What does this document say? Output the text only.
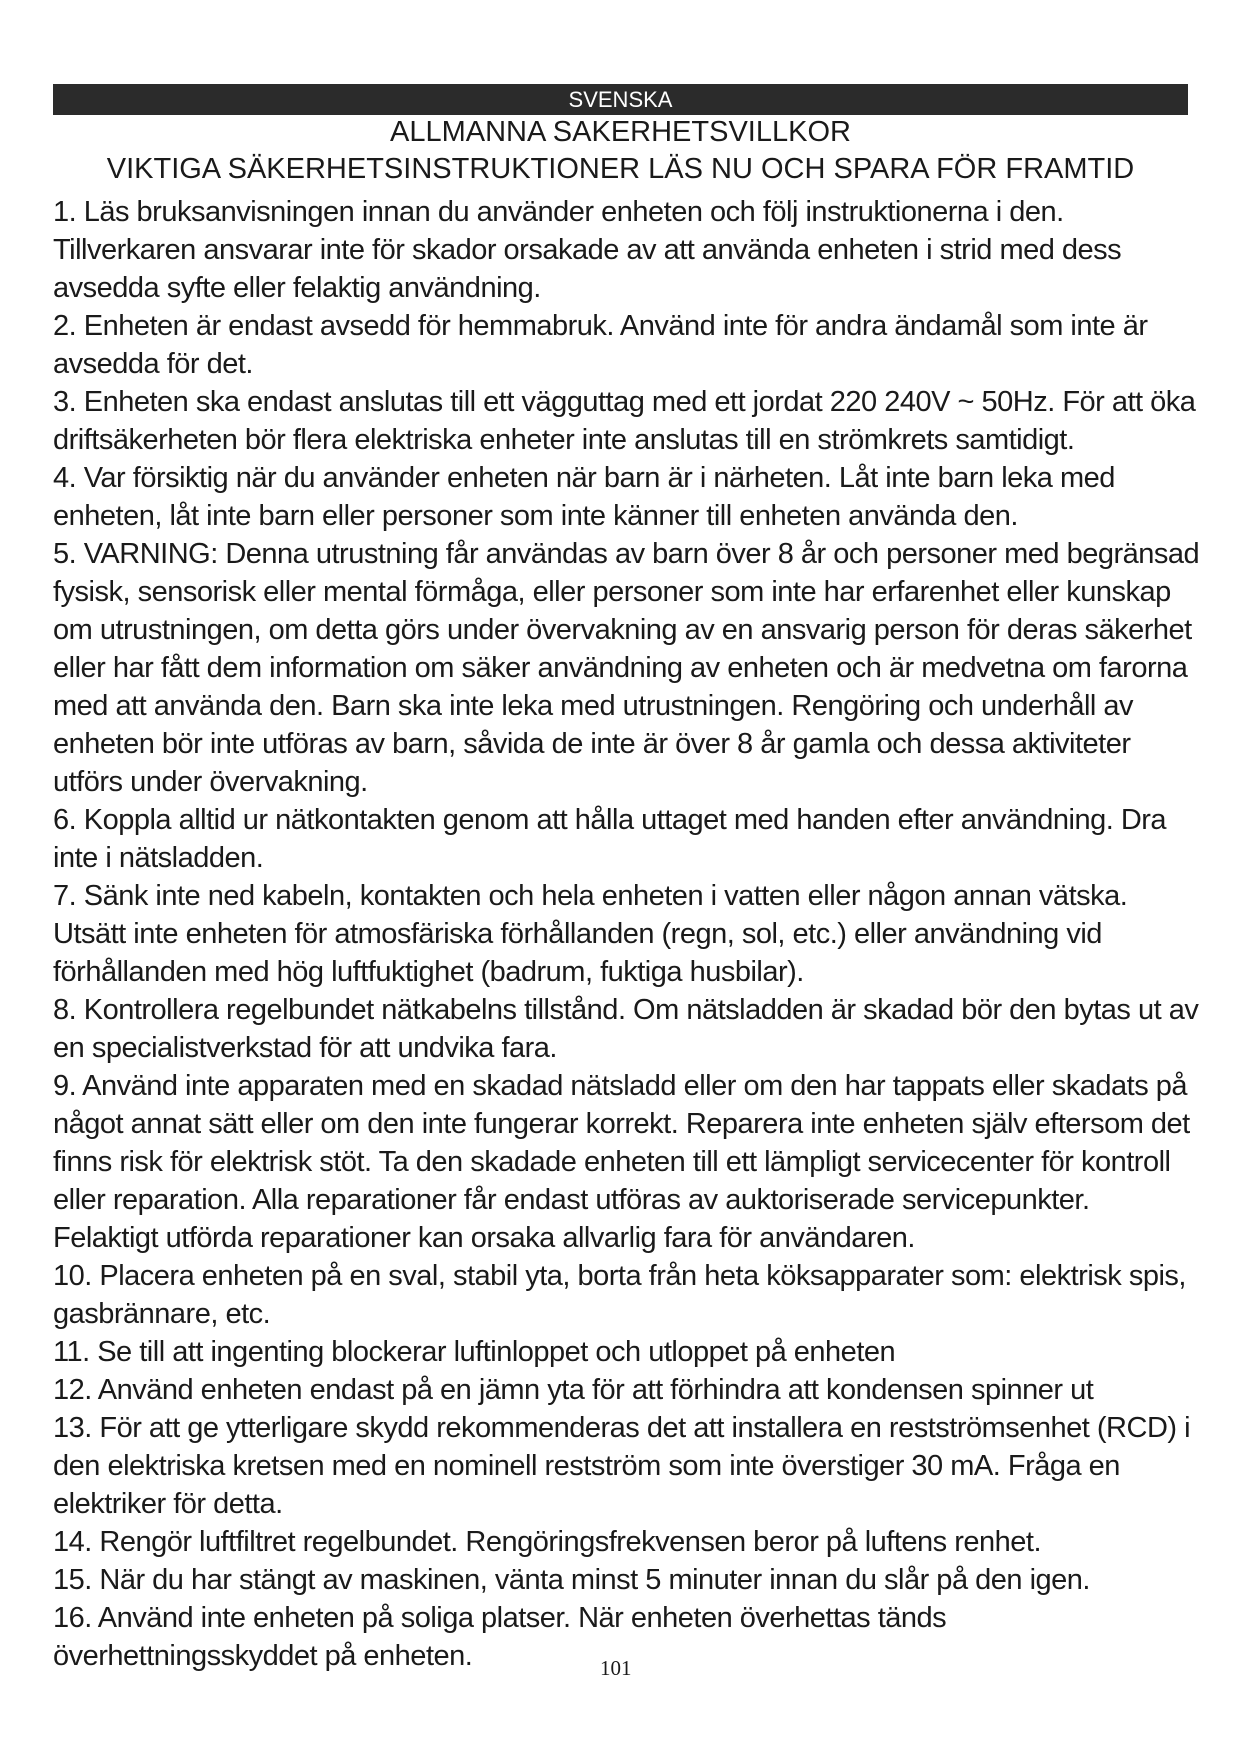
SVENSKA
ALLMANNA SAKERHETSVILLKOR
VIKTIGA SÄKERHETSINSTRUKTIONER LÄS NU OCH SPARA FÖR FRAMTID
1. Läs bruksanvisningen innan du använder enheten och följ instruktionerna i den.
Tillverkaren ansvarar inte för skador orsakade av att använda enheten i strid med dess
avsedda syfte eller felaktig användning.
2. Enheten är endast avsedd för hemmabruk. Använd inte för andra ändamål som inte är
avsedda för det.
3. Enheten ska endast anslutas till ett vägguttag med ett jordat 220 240V ~ 50Hz. För att öka
driftsäkerheten bör flera elektriska enheter inte anslutas till en strömkrets samtidigt.
4. Var försiktig när du använder enheten när barn är i närheten. Låt inte barn leka med
enheten, låt inte barn eller personer som inte känner till enheten använda den.
5. VARNING: Denna utrustning får användas av barn över 8 år och personer med begränsad
fysisk, sensorisk eller mental förmåga, eller personer som inte har erfarenhet eller kunskap
om utrustningen, om detta görs under övervakning av en ansvarig person för deras säkerhet
eller har fått dem information om säker användning av enheten och är medvetna om farorna
med att använda den. Barn ska inte leka med utrustningen. Rengöring och underhåll av
enheten bör inte utföras av barn, såvida de inte är över 8 år gamla och dessa aktiviteter
utförs under övervakning.
6. Koppla alltid ur nätkontakten genom att hålla uttaget med handen efter användning. Dra
inte i nätsladden.
7. Sänk inte ned kabeln, kontakten och hela enheten i vatten eller någon annan vätska.
Utsätt inte enheten för atmosfäriska förhållanden (regn, sol, etc.) eller användning vid
förhållanden med hög luftfuktighet (badrum, fuktiga husbilar).
8. Kontrollera regelbundet nätkabelns tillstånd. Om nätsladden är skadad bör den bytas ut av
en specialistverkstad för att undvika fara.
9. Använd inte apparaten med en skadad nätsladd eller om den har tappats eller skadats på
något annat sätt eller om den inte fungerar korrekt. Reparera inte enheten själv eftersom det
finns risk för elektrisk stöt. Ta den skadade enheten till ett lämpligt servicecenter för kontroll
eller reparation. Alla reparationer får endast utföras av auktoriserade servicepunkter.
Felaktigt utförda reparationer kan orsaka allvarlig fara för användaren.
10. Placera enheten på en sval, stabil yta, borta från heta köksapparater som: elektrisk spis,
gasbrännare, etc.
11. Se till att ingenting blockerar luftinloppet och utloppet på enheten
12. Använd enheten endast på en jämn yta för att förhindra att kondensen spinner ut
13. För att ge ytterligare skydd rekommenderas det att installera en restströmsenhet (RCD) i
den elektriska kretsen med en nominell restström som inte överstiger 30 mA. Fråga en
elektriker för detta.
14. Rengör luftfiltret regelbundet. Rengöringsfrekvensen beror på luftens renhet.
15. När du har stängt av maskinen, vänta minst 5 minuter innan du slår på den igen.
16. Använd inte enheten på soliga platser. När enheten överhettas tänds
överhettningsskyddet på enheten.	101
